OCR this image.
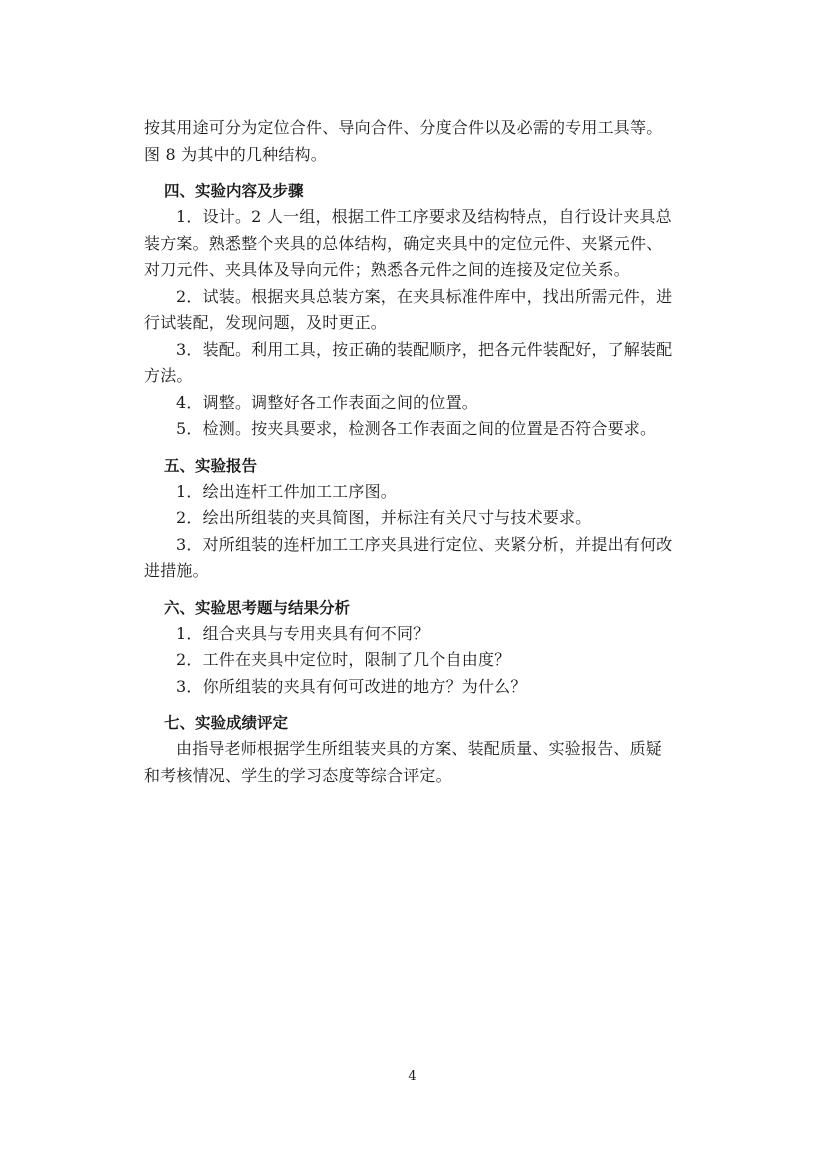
按其用途可分为定位合件、导向合件、分度合件以及必需的专用工具等。
图 8 为其中的几种结构。
四、实验内容及步骤
1．设计。2 人一组，根据工件工序要求及结构特点，自行设计夹具总
装方案。熟悉整个夹具的总体结构，确定夹具中的定位元件、夹紧元件、
对刀元件、夹具体及导向元件；熟悉各元件之间的连接及定位关系。
2．试装。根据夹具总装方案，在夹具标准件库中，找出所需元件，进
行试装配，发现问题，及时更正。
3．装配。利用工具，按正确的装配顺序，把各元件装配好，了解装配
方法。
4．调整。调整好各工作表面之间的位置。
5．检测。按夹具要求，检测各工作表面之间的位置是否符合要求。
五、实验报告
1．绘出连杆工件加工工序图。
2．绘出所组装的夹具简图，并标注有关尺寸与技术要求。
3．对所组装的连杆加工工序夹具进行定位、夹紧分析，并提出有何改
进措施。
六、实验思考题与结果分析
1．组合夹具与专用夹具有何不同？
2．工件在夹具中定位时，限制了几个自由度？
3．你所组装的夹具有何可改进的地方？为什么？
七、实验成绩评定
由指导老师根据学生所组装夹具的方案、装配质量、实验报告、质疑
和考核情况、学生的学习态度等综合评定。
4
